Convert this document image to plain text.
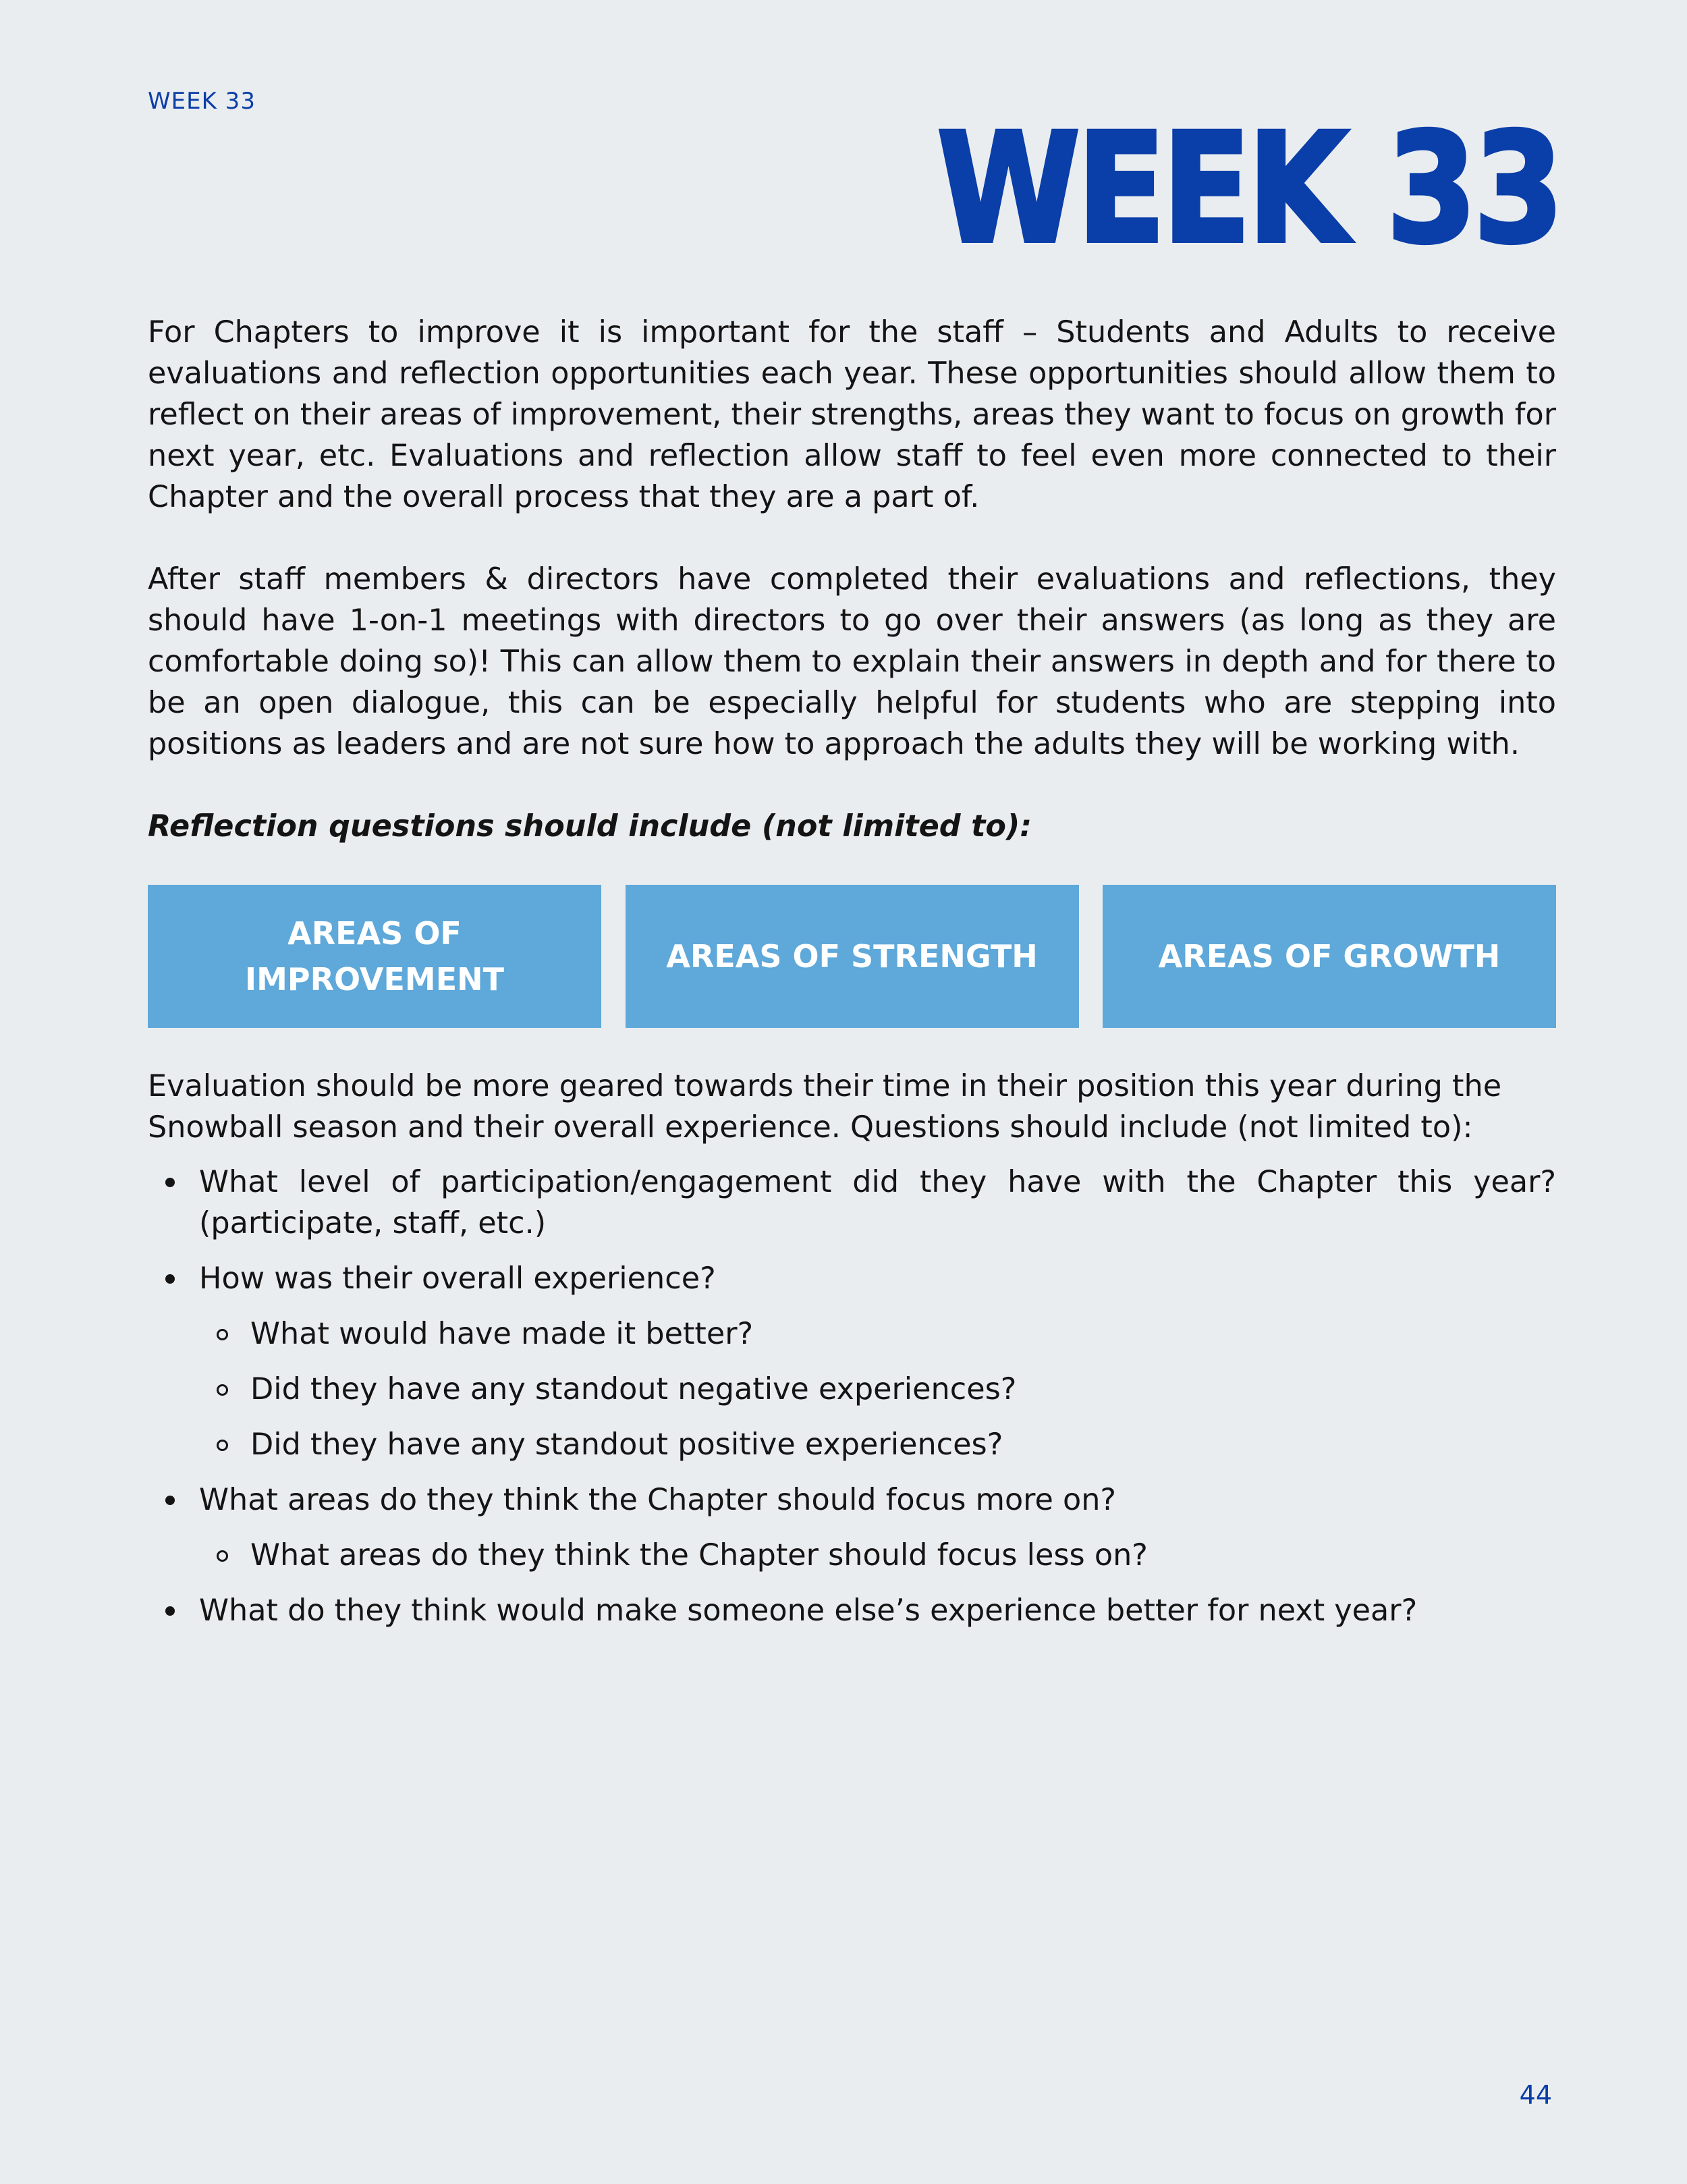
WEEK 33	WEEK 33

For Chapters to improve it is important for the staff – Students and Adults to receive evaluations and reflection opportunities each year. These opportunities should allow them to reflect on their areas of improvement, their strengths, areas they want to focus on growth for next year, etc. Evaluations and reflection allow staff to feel even more connected to their Chapter and the overall process that they are a part of.

After staff members & directors have completed their evaluations and reflections, they should have 1-on-1 meetings with directors to go over their answers (as long as they are comfortable doing so)! This can allow them to explain their answers in depth and for there to be an open dialogue, this can be especially helpful for students who are stepping into positions as leaders and are not sure how to approach the adults they will be working with.

Reflection questions should include (not limited to):

AREAS OF IMPROVEMENT
AREAS OF STRENGTH	AREAS OF GROWTH

Evaluation should be more geared towards their time in their position this year during the Snowball season and their overall experience. Questions should include (not limited to):

What level of participation/engagement did they have with the Chapter this year? (participate, staff, etc.)
How was their overall experience?
What would have made it better?
Did they have any standout negative experiences?
Did they have any standout positive experiences?
What areas do they think the Chapter should focus more on?
What areas do they think the Chapter should focus less on?
What do they think would make someone else’s experience better for next year?
44
